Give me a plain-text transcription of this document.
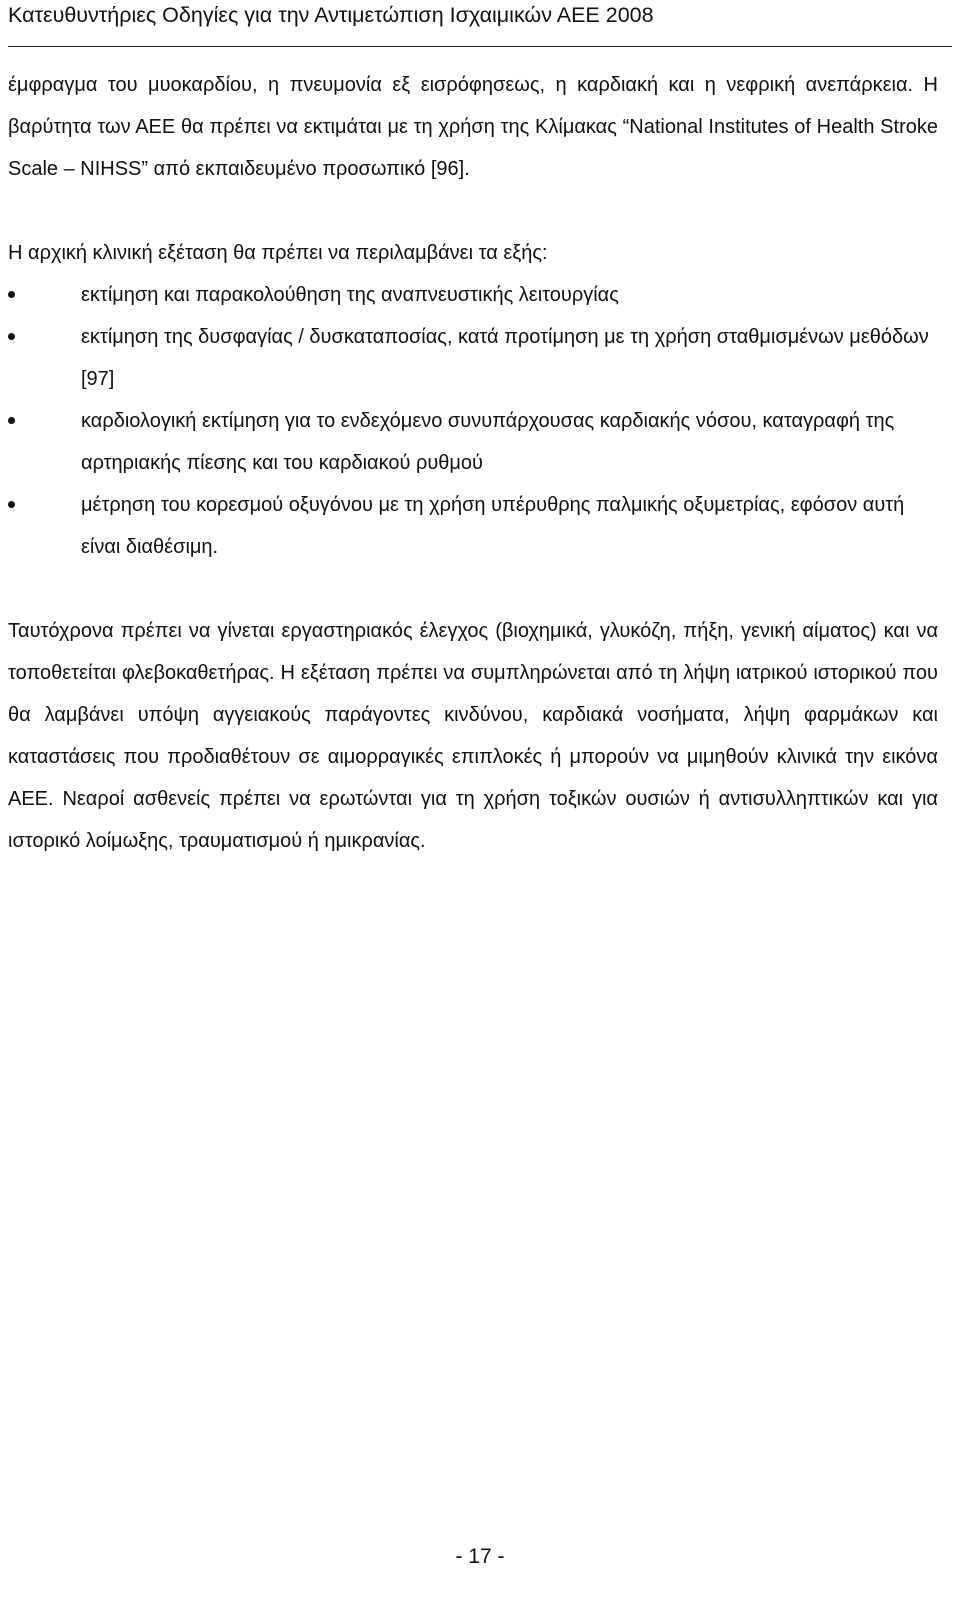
Κατευθυντήριες Οδηγίες για την Αντιμετώπιση Ισχαιμικών ΑΕΕ 2008

έμφραγμα του μυοκαρδίου, η πνευμονία εξ εισρόφησεως, η καρδιακή και η νεφρική ανεπάρκεια. Η βαρύτητα των ΑΕΕ θα πρέπει να εκτιμάται με τη χρήση της Κλίμακας “National Institutes of Health Stroke Scale – NIHSS” από εκπαιδευμένο προσωπικό [96].

Η αρχική κλινική εξέταση θα πρέπει να περιλαμβάνει τα εξής:

εκτίμηση και παρακολούθηση της αναπνευστικής λειτουργίας
εκτίμηση της δυσφαγίας / δυσκαταποσίας, κατά προτίμηση με τη χρήση σταθμισμένων μεθόδων [97]
καρδιολογική εκτίμηση για το ενδεχόμενο συνυπάρχουσας καρδιακής νόσου, καταγραφή της αρτηριακής πίεσης και του καρδιακού ρυθμού
μέτρηση του κορεσμού οξυγόνου με τη χρήση υπέρυθρης παλμικής οξυμετρίας, εφόσον αυτή είναι διαθέσιμη.

Ταυτόχρονα πρέπει να γίνεται εργαστηριακός έλεγχος (βιοχημικά, γλυκόζη, πήξη, γενική αίματος) και να τοποθετείται φλεβοκαθετήρας. Η εξέταση πρέπει να συμπληρώνεται από τη λήψη ιατρικού ιστορικού που θα λαμβάνει υπόψη αγγειακούς παράγοντες κινδύνου, καρδιακά νοσήματα, λήψη φαρμάκων και καταστάσεις που προδιαθέτουν σε αιμορραγικές επιπλοκές ή μπορούν να μιμηθούν κλινικά την εικόνα ΑΕΕ. Νεαροί ασθενείς πρέπει να ερωτώνται για τη χρήση τοξικών ουσιών ή αντισυλληπτικών και για ιστορικό λοίμωξης, τραυματισμού ή ημικρανίας.

- 17 -
